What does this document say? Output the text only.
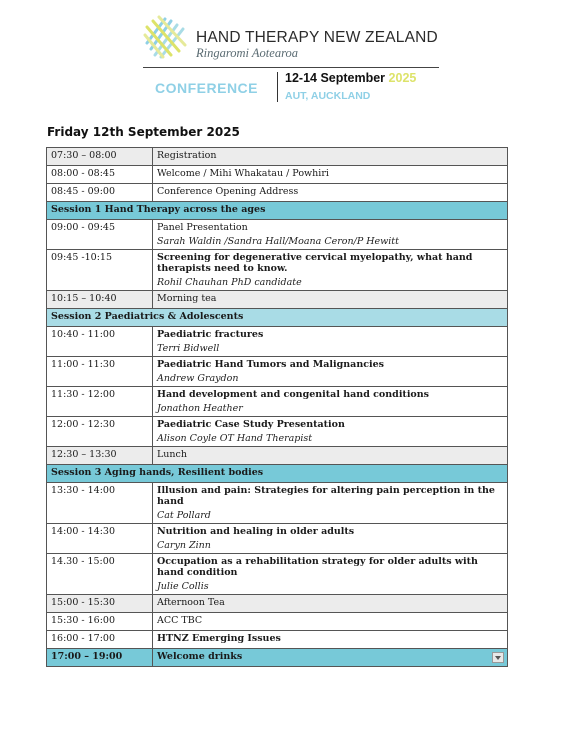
HAND THERAPY NEW ZEALAND
Ringaromi Aotearoa
CONFERENCE
12-14 September 2025
AUT, AUCKLAND
Friday 12th September 2025
07:30 – 08:00	Registration
08:00 - 08:45	Welcome / Mihi Whakatau / Powhiri
08:45 - 09:00	Conference Opening Address
Session 1 Hand Therapy across the ages	
09:00 - 09:45	Panel Presentation
Sarah Waldin /Sandra Hall/Moana Ceron/P Hewitt

09:45 -10:15	Screening for degenerative cervical myelopathy, what hand therapists need to know.
Rohil Chauhan PhD candidate

10:15 – 10:40	Morning tea
Session 2 Paediatrics & Adolescents	
10:40 - 11:00	Paediatric fractures
Terri Bidwell

11:00 - 11:30	Paediatric Hand Tumors and Malignancies
Andrew Graydon

11:30 - 12:00	Hand development and congenital hand conditions
Jonathon Heather

12:00 - 12:30	Paediatric Case Study Presentation
Alison Coyle OT Hand Therapist

12:30 – 13:30	Lunch
Session 3 Aging hands, Resilient bodies	
13:30 - 14:00	Illusion and pain: Strategies for altering pain perception in the hand
Cat Pollard

14:00 - 14:30	Nutrition and healing in older adults
Caryn Zinn

14.30 - 15:00	Occupation as a rehabilitation strategy for older adults with hand condition
Julie Collis

15:00 - 15:30	Afternoon Tea
15:30 - 16:00	ACC TBC
16:00 - 17:00	HTNZ Emerging Issues
17:00 – 19:00	Welcome drinks
